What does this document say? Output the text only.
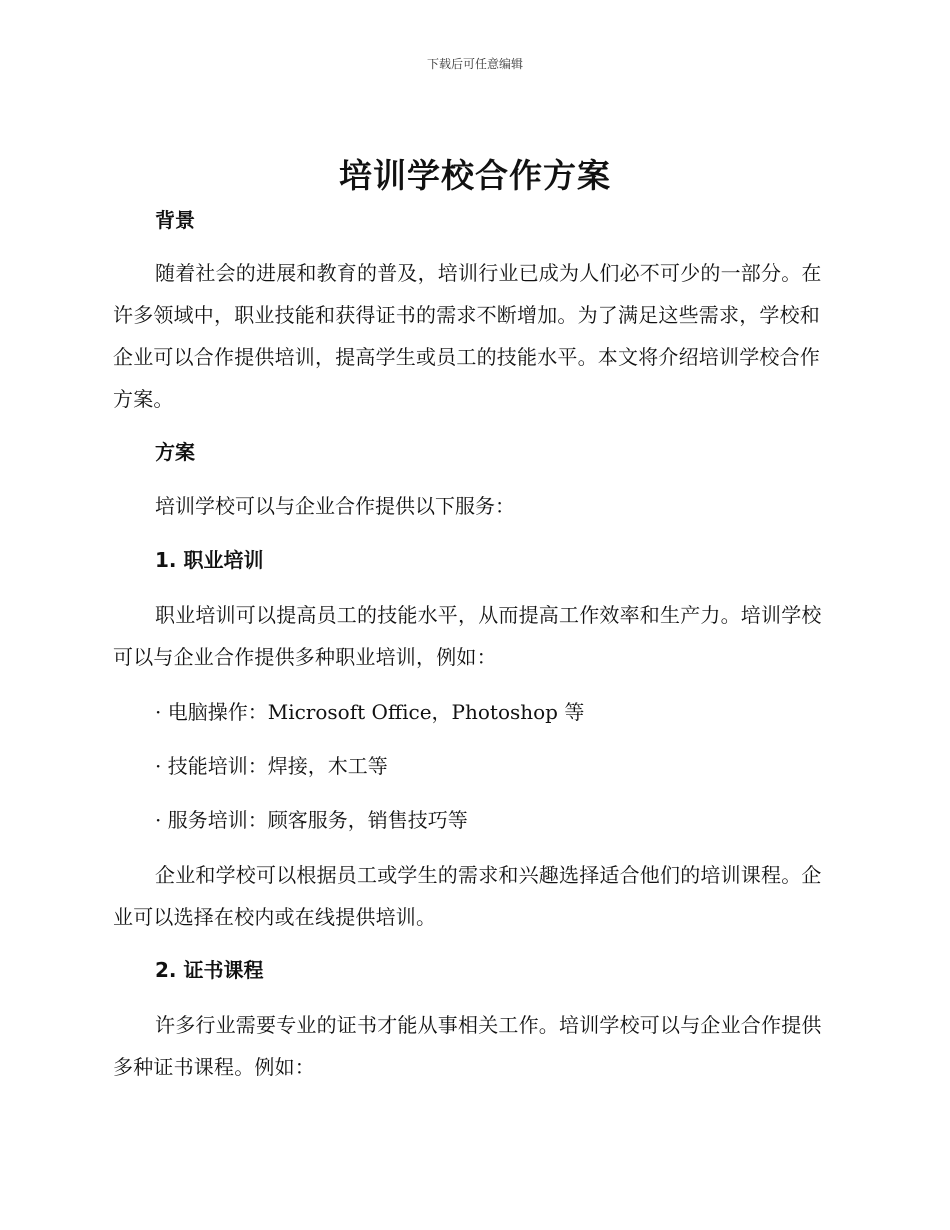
下载后可任意编辑
培训学校合作方案

背景

随着社会的进展和教育的普及，培训行业已成为人们必不可少的一部分。在许多领域中，职业技能和获得证书的需求不断增加。为了满足这些需求，学校和企业可以合作提供培训，提高学生或员工的技能水平。本文将介绍培训学校合作方案。

方案

培训学校可以与企业合作提供以下服务：

1. 职业培训

职业培训可以提高员工的技能水平，从而提高工作效率和生产力。培训学校可以与企业合作提供多种职业培训，例如：

· 电脑操作：Microsoft Office，Photoshop 等

· 技能培训：焊接，木工等

· 服务培训：顾客服务，销售技巧等

企业和学校可以根据员工或学生的需求和兴趣选择适合他们的培训课程。企业可以选择在校内或在线提供培训。

2. 证书课程

许多行业需要专业的证书才能从事相关工作。培训学校可以与企业合作提供多种证书课程。例如：
